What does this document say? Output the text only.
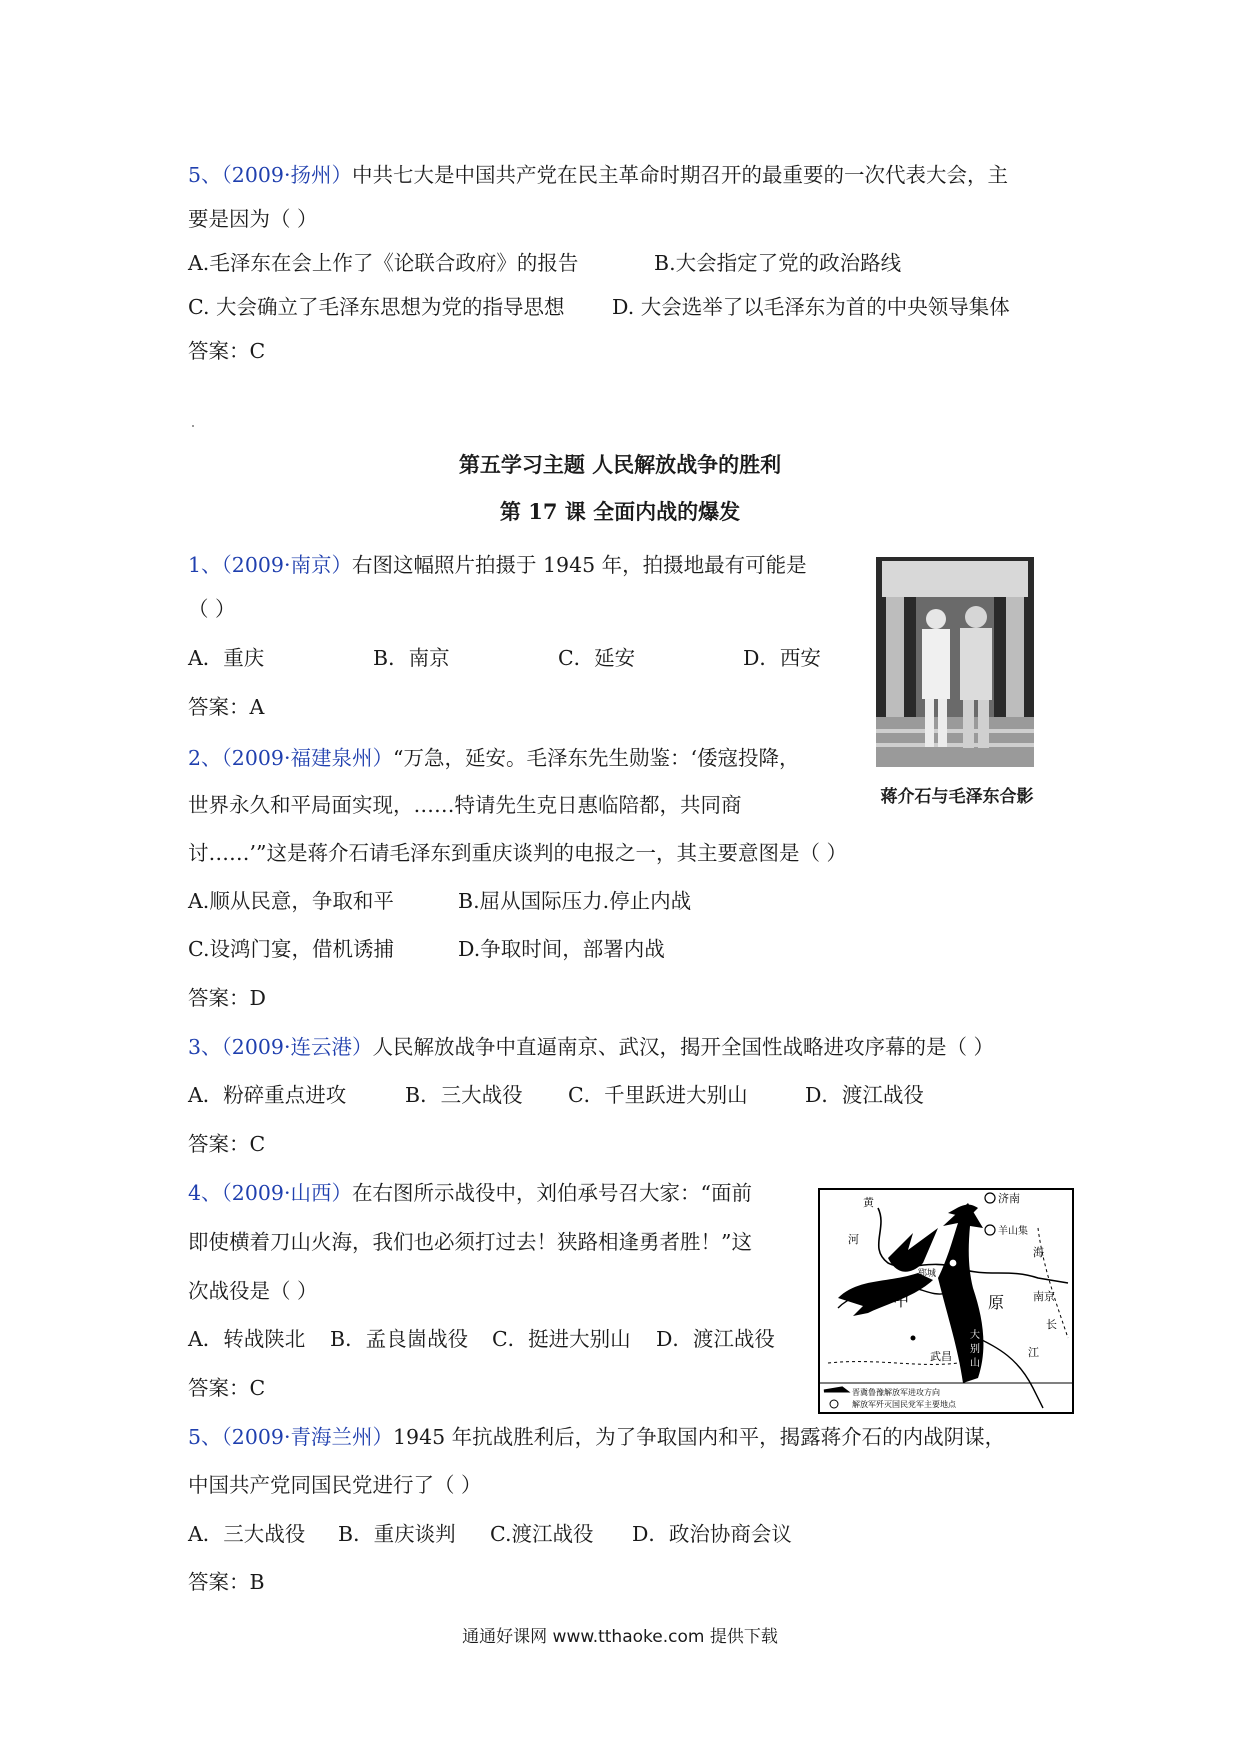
5、（2009·扬州）中共七大是中国共产党在民主革命时期召开的最重要的一次代表大会，主
要是因为（ ）
A.毛泽东在会上作了《论联合政府》的报告	B.大会指定了党的政治路线
C. 大会确立了毛泽东思想为党的指导思想 D. 大会选举了以毛泽东为首的中央领导集体
答案：C
第五学习主题 人民解放战争的胜利
第 17 课 全面内战的爆发
1、（2009·南京）右图这幅照片拍摄于 1945 年，拍摄地最有可能是
（ ）
A．重庆	B．南京	C．延安	D．西安
答案：A
蒋介石与毛泽东合影
2、（2009·福建泉州）“万急，延安。毛泽东先生勋鉴：‘倭寇投降，
世界永久和平局面实现，……特请先生克日惠临陪都，共同商
讨……’”这是蒋介石请毛泽东到重庆谈判的电报之一，其主要意图是（ ）
A.顺从民意，争取和平	B.屈从国际压力.停止内战
C.设鸿门宴，借机诱捕	D.争取时间，部署内战
答案：D
3、（2009·连云港）人民解放战争中直逼南京、武汉，揭开全国性战略进攻序幕的是（ ）
A．粉碎重点进攻	B．三大战役 C．千里跃进大别山	D．渡江战役
答案：C
4、（2009·山西）在右图所示战役中，刘伯承号召大家：“面前
即使横着刀山火海，我们也必须打过去！狭路相逢勇者胜！”这
次战役是（ ）
A．转战陕北 B．孟良崮战役 C．挺进大别山 D．渡江战役
答案：C
黄
河
济南
羊山集
陇	海
郓城
中	原	南京
长
大
别
山
江
武昌
晋冀鲁豫解放军进攻方向
解放军歼灭国民党军主要地点
5、（2009·青海兰州）1945 年抗战胜利后，为了争取国内和平，揭露蒋介石的内战阴谋，
中国共产党同国民党进行了（ ）
A．三大战役 B．重庆谈判 C.渡江战役 D．政治协商会议
答案：B
通通好课网 www.tthaoke.com 提供下载
